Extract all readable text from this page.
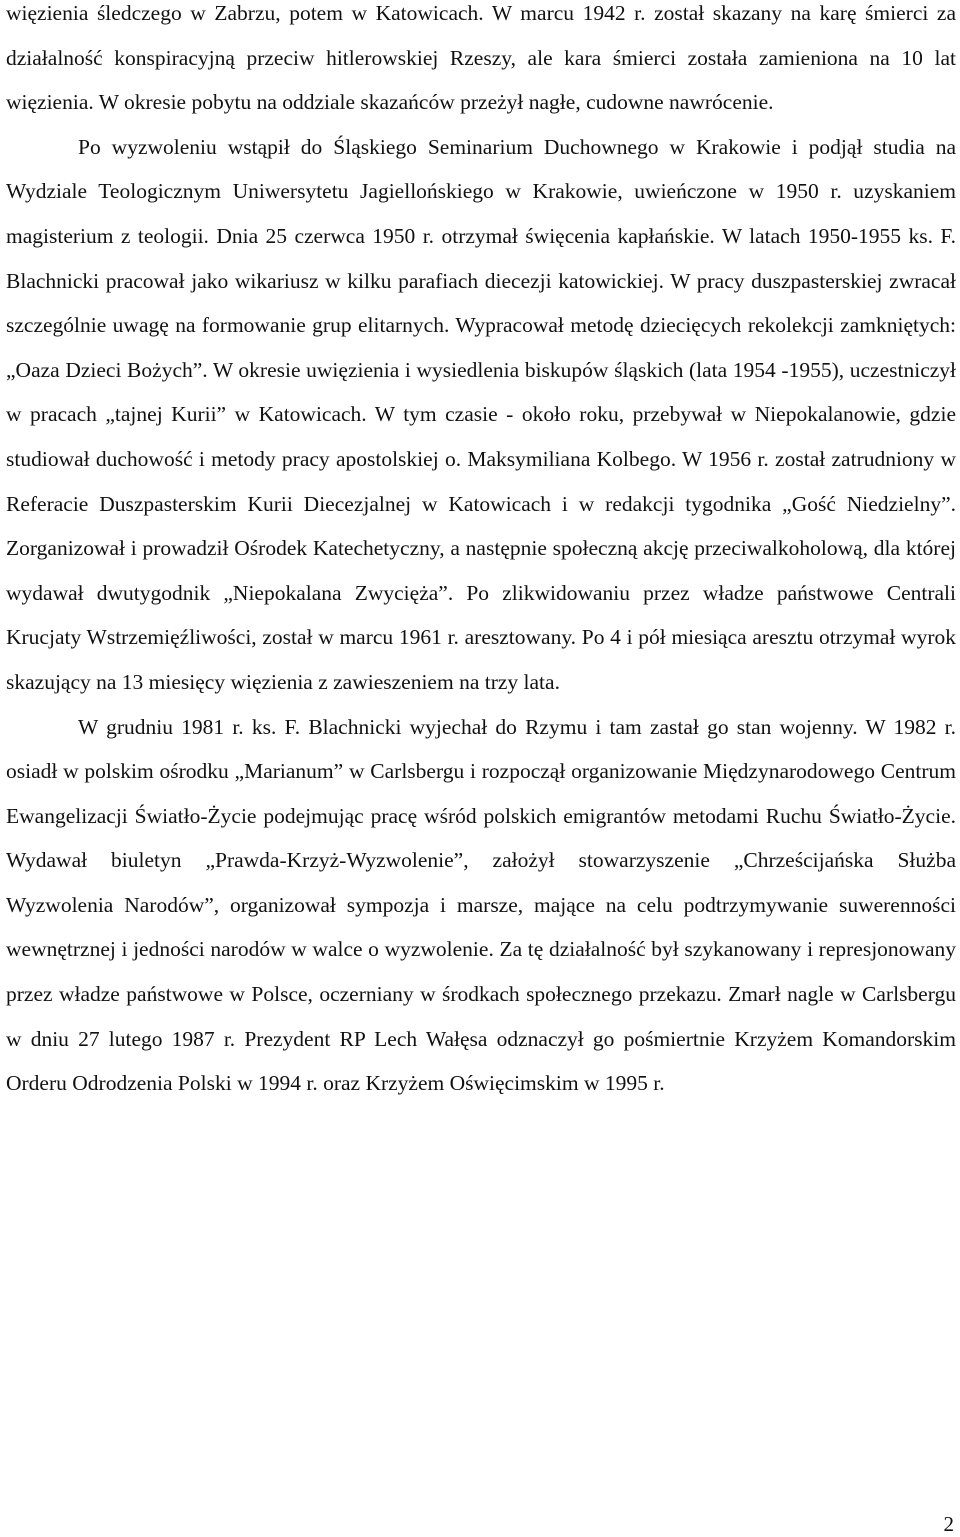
więzienia śledczego w Zabrzu, potem w Katowicach. W marcu 1942 r. został skazany na karę śmierci za działalność konspiracyjną przeciw hitlerowskiej Rzeszy, ale kara śmierci została zamieniona na 10 lat więzienia. W okresie pobytu na oddziale skazańców przeżył nagłe, cudowne nawrócenie.

Po wyzwoleniu wstąpił do Śląskiego Seminarium Duchownego w Krakowie i podjął studia na Wydziale Teologicznym Uniwersytetu Jagiellońskiego w Krakowie, uwieńczone w 1950 r. uzyskaniem magisterium z teologii. Dnia 25 czerwca 1950 r. otrzymał święcenia kapłańskie. W latach 1950-1955 ks. F. Blachnicki pracował jako wikariusz w kilku parafiach diecezji katowickiej. W pracy duszpasterskiej zwracał szczególnie uwagę na formowanie grup elitarnych. Wypracował metodę dziecięcych rekolekcji zamkniętych: „Oaza Dzieci Bożych”. W okresie uwięzienia i wysiedlenia biskupów śląskich (lata 1954 -1955), uczestniczył w pracach „tajnej Kurii” w Katowicach. W tym czasie - około roku, przebywał w Niepokalanowie, gdzie studiował duchowość i metody pracy apostolskiej o. Maksymiliana Kolbego. W 1956 r. został zatrudniony w Referacie Duszpasterskim Kurii Diecezjalnej w Katowicach i w redakcji tygodnika „Gość Niedzielny”. Zorganizował i prowadził Ośrodek Katechetyczny, a następnie społeczną akcję przeciwalkoholową, dla której wydawał dwutygodnik „Niepokalana Zwycięża”. Po zlikwidowaniu przez władze państwowe Centrali Krucjaty Wstrzemięźliwości, został w marcu 1961 r. aresztowany. Po 4 i pół miesiąca aresztu otrzymał wyrok skazujący na 13 miesięcy więzienia z zawieszeniem na trzy lata.

W grudniu 1981 r. ks. F. Blachnicki wyjechał do Rzymu i tam zastał go stan wojenny. W 1982 r. osiadł w polskim ośrodku „Marianum” w Carlsbergu i rozpoczął organizowanie Międzynarodowego Centrum Ewangelizacji Światło-Życie podejmując pracę wśród polskich emigrantów metodami Ruchu Światło-Życie. Wydawał biuletyn „Prawda-Krzyż-Wyzwolenie”, założył stowarzyszenie „Chrześcijańska Służba Wyzwolenia Narodów”, organizował sympozja i marsze, mające na celu podtrzymywanie suwerenności wewnętrznej i jedności narodów w walce o wyzwolenie. Za tę działalność był szykanowany i represjonowany przez władze państwowe w Polsce, oczerniany w środkach społecznego przekazu. Zmarł nagle w Carlsbergu w dniu 27 lutego 1987 r. Prezydent RP Lech Wałęsa odznaczył go pośmiertnie Krzyżem Komandorskim Orderu Odrodzenia Polski w 1994 r. oraz Krzyżem Oświęcimskim w 1995 r.

2
